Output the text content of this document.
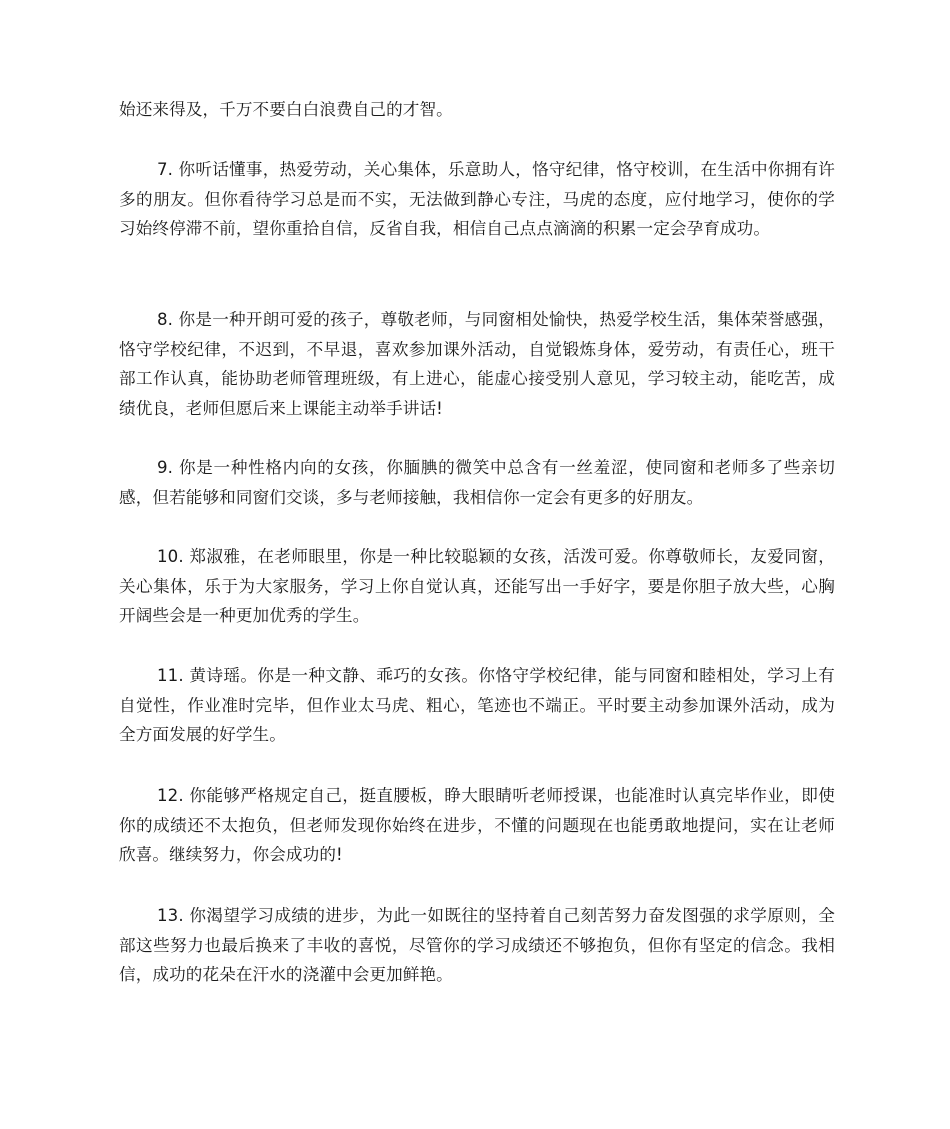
始还来得及，千万不要白白浪费自己的才智。

7. 你听话懂事，热爱劳动，关心集体，乐意助人，恪守纪律，恪守校训，在生活中你拥有许多的朋友。但你看待学习总是而不实，无法做到静心专注，马虎的态度，应付地学习，使你的学习始终停滞不前，望你重拾自信，反省自我，相信自己点点滴滴的积累一定会孕育成功。

8. 你是一种开朗可爱的孩子，尊敬老师，与同窗相处愉快，热爱学校生活，集体荣誉感强，恪守学校纪律，不迟到，不早退，喜欢参加课外活动，自觉锻炼身体，爱劳动，有责任心，班干部工作认真，能协助老师管理班级，有上进心，能虚心接受别人意见，学习较主动，能吃苦，成绩优良，老师但愿后来上课能主动举手讲话!

9. 你是一种性格内向的女孩，你腼腆的微笑中总含有一丝羞涩，使同窗和老师多了些亲切感，但若能够和同窗们交谈，多与老师接触，我相信你一定会有更多的好朋友。

10. 郑淑雅，在老师眼里，你是一种比较聪颖的女孩，活泼可爱。你尊敬师长，友爱同窗，关心集体，乐于为大家服务，学习上你自觉认真，还能写出一手好字，要是你胆子放大些，心胸开阔些会是一种更加优秀的学生。

11. 黄诗瑶。你是一种文静、乖巧的女孩。你恪守学校纪律，能与同窗和睦相处，学习上有自觉性，作业准时完毕，但作业太马虎、粗心，笔迹也不端正。平时要主动参加课外活动，成为全方面发展的好学生。

12. 你能够严格规定自己，挺直腰板，睁大眼睛听老师授课，也能准时认真完毕作业，即使你的成绩还不太抱负，但老师发现你始终在进步，不懂的问题现在也能勇敢地提问，实在让老师欣喜。继续努力，你会成功的!

13. 你渴望学习成绩的进步，为此一如既往的坚持着自己刻苦努力奋发图强的求学原则，全部这些努力也最后换来了丰收的喜悦，尽管你的学习成绩还不够抱负，但你有坚定的信念。我相信，成功的花朵在汗水的浇灌中会更加鲜艳。
